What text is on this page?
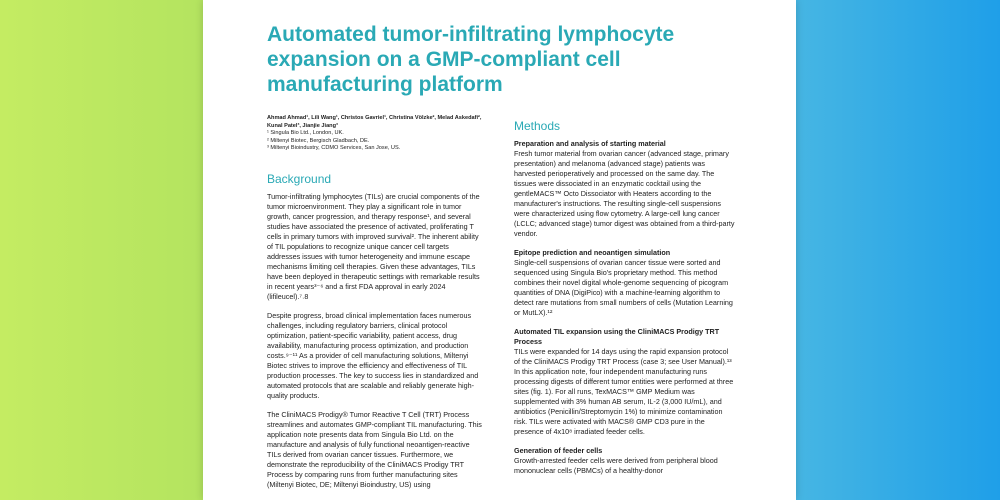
Automated tumor-infiltrating lymphocyte expansion on a GMP-compliant cell manufacturing platform
Ahmad Ahmad¹, Lili Wang¹, Christos Gavriel¹, Christina Völzke², Melad Askedafi², Kunal Patel³, Jianjie Jiang³
¹ Singula Bio Ltd., London, UK.
² Miltenyi Biotec, Bergisch Gladbach, DE.
³ Miltenyi Bioindustry, CDMO Services, San Jose, US.
Background

Tumor-infiltrating lymphocytes (TILs) are crucial components of the tumor microenvironment. They play a significant role in tumor growth, cancer progression, and therapy response¹, and several studies have associated the presence of activated, proliferating T cells in primary tumors with improved survival². The inherent ability of TIL populations to recognize unique cancer cell targets addresses issues with tumor heterogeneity and immune escape mechanisms limiting cell therapies. Given these advantages, TILs have been deployed in therapeutic settings with remarkable results in recent years³⁻⁶ and a first FDA approval in early 2024 (lifileucel).⁷˒8

Despite progress, broad clinical implementation faces numerous challenges, including regulatory barriers, clinical protocol optimization, patient-specific variability, patient access, drug availability, manufacturing process optimization, and production costs.⁹⁻¹¹ As a provider of cell manufacturing solutions, Miltenyi Biotec strives to improve the efficiency and effectiveness of TIL production processes. The key to success lies in standardized and automated protocols that are scalable and reliably generate high-quality products.

The CliniMACS Prodigy® Tumor Reactive T Cell (TRT) Process streamlines and automates GMP-compliant TIL manufacturing. This application note presents data from Singula Bio Ltd. on the manufacture and analysis of fully functional neoantigen-reactive TILs derived from ovarian cancer tissues. Furthermore, we demonstrate the reproducibility of the CliniMACS Prodigy TRT Process by comparing runs from further manufacturing sites (Miltenyi Biotec, DE; Miltenyi Bioindustry, US) using

Methods

Preparation and analysis of starting material

Fresh tumor material from ovarian cancer (advanced stage, primary presentation) and melanoma (advanced stage) patients was harvested perioperatively and processed on the same day. The tissues were dissociated in an enzymatic cocktail using the gentleMACS™ Octo Dissociator with Heaters according to the manufacturer's instructions. The resulting single-cell suspensions were characterized using flow cytometry. A large-cell lung cancer (LCLC; advanced stage) tumor digest was obtained from a third-party vendor.

Epitope prediction and neoantigen simulation

Single-cell suspensions of ovarian cancer tissue were sorted and sequenced using Singula Bio's proprietary method. This method combines their novel digital whole-genome sequencing of picogram quantities of DNA (DigiPico) with a machine-learning algorithm to detect rare mutations from small numbers of cells (Mutation Learning or MutLX).¹²

Automated TIL expansion using the CliniMACS Prodigy TRT Process

TILs were expanded for 14 days using the rapid expansion protocol of the CliniMACS Prodigy TRT Process (case 3; see User Manual).¹³ In this application note, four independent manufacturing runs processing digests of different tumor entities were performed at three sites (fig. 1). For all runs, TexMACS™ GMP Medium was supplemented with 3% human AB serum, IL-2 (3,000 IU/mL), and antibiotics (Penicillin/Streptomycin 1%) to minimize contamination risk. TILs were activated with MACS® GMP CD3 pure in the presence of 4x10⁸ irradiated feeder cells.

Generation of feeder cells

Growth-arrested feeder cells were derived from peripheral blood mononuclear cells (PBMCs) of a healthy-donor
